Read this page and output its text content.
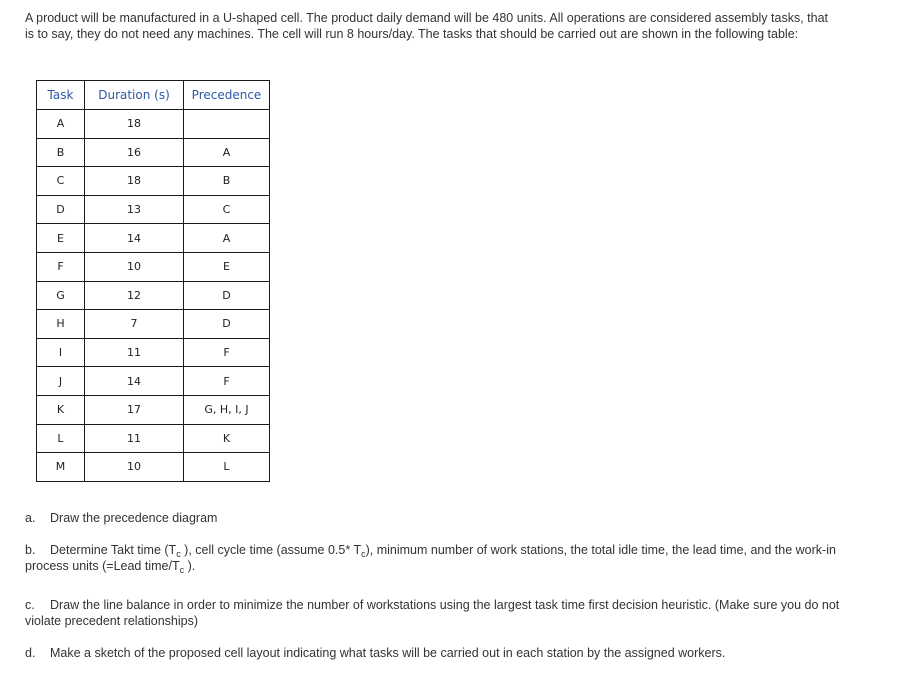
A product will be manufactured in a U-shaped cell. The product daily demand will be 480 units. All operations are considered assembly tasks, that is to say, they do not need any machines. The cell will run 8 hours/day. The tasks that should be carried out are shown in the following table:
Task	Duration (s)	Precedence
A	18	
B	16	A
C	18	B
D	13	C
E	14	A
F	10	E
G	12	D
H	7	D
I	11	F
J	14	F
K	17	G, H, I, J
L	11	K
M	10	L
a. Draw the precedence diagram
b. Determine Takt time ($T_c$ ), cell cycle time (assume 0.5* $T_c$), minimum number of work stations, the total idle time, the lead time, and the work-in process units (=Lead time/$T_c$ ).
c. Draw the line balance in order to minimize the number of workstations using the largest task time first decision heuristic. (Make sure you do not violate precedent relationships)
d. Make a sketch of the proposed cell layout indicating what tasks will be carried out in each station by the assigned workers.
